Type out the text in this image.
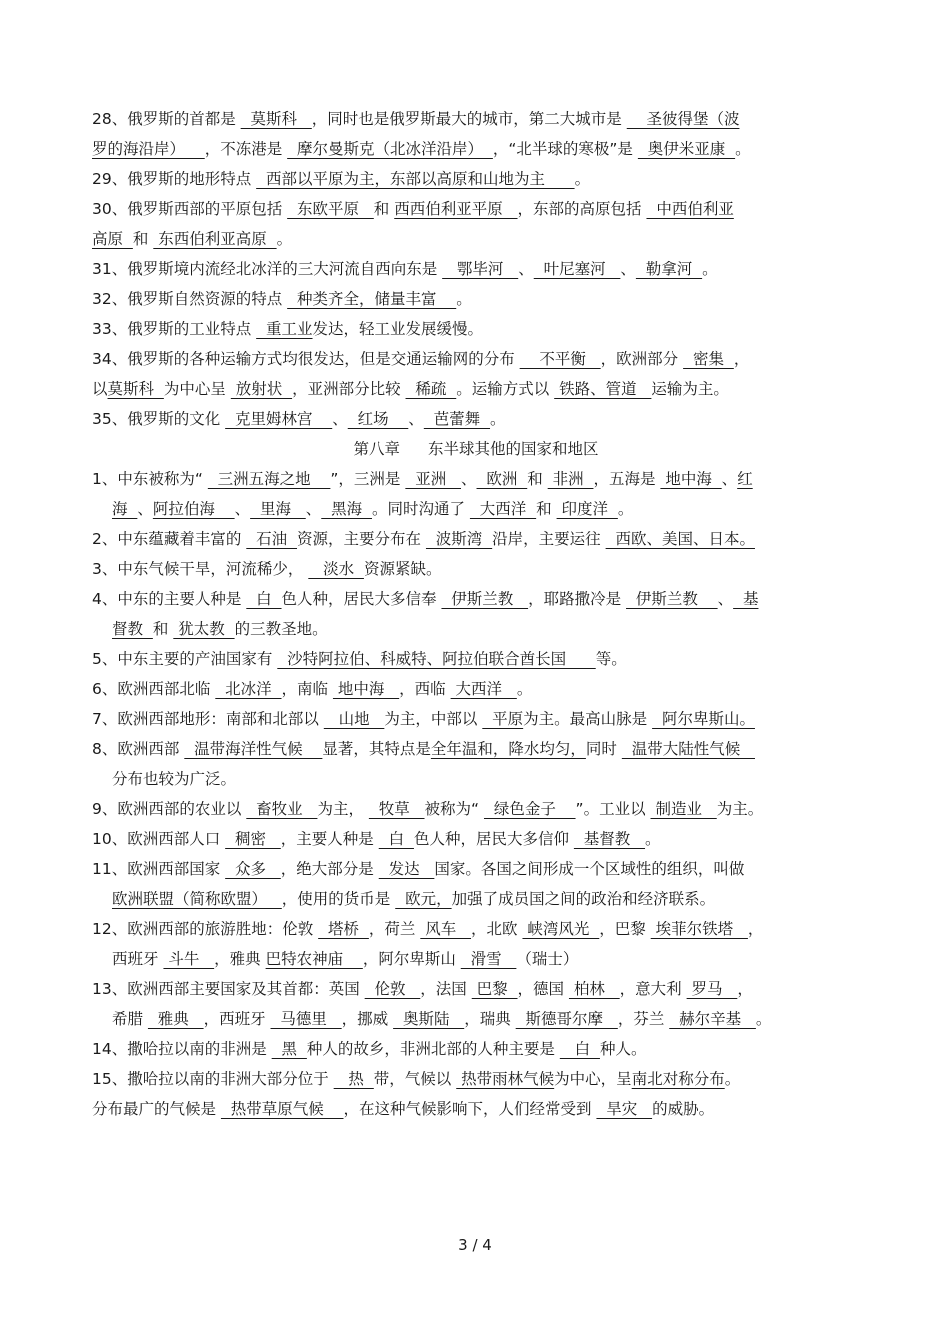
28、俄罗斯的首都是   莫斯科   ，同时也是俄罗斯最大的城市，第二大城市是     圣彼得堡（波
罗的海沿岸）    ，不冻港是   摩尔曼斯克（北冰洋沿岸）  ，“北半球的寒极”是   奥伊米亚康  。
29、俄罗斯的地形特点   西部以平原为主，东部以高原和山地为主      。
30、俄罗斯西部的平原包括   东欧平原   和 西西伯利亚平原   ，东部的高原包括   中西伯利亚
高原  和  东西伯利亚高原  。
31、俄罗斯境内流经北冰洋的三大河流自西向东是    鄂毕河   、  叶尼塞河   、  勒拿河  。
32、俄罗斯自然资源的特点   种类齐全，储量丰富    。
33、俄罗斯的工业特点   重工业发达，轻工业发展缓慢。
34、俄罗斯的各种运输方式均很发达，但是交通运输网的分布     不平衡   ，欧洲部分   密集  ，
以莫斯科  为中心呈  放射状  ，亚洲部分比较   稀疏  。运输方式以  铁路、管道   运输为主。
35、俄罗斯的文化   克里姆林宫    、  红场    、  芭蕾舞  。
第八章 东半球其他的国家和地区
1、中东被称为“   三洲五海之地    ”，三洲是   亚洲   、  欧洲  和  非洲  ，五海是  地中海  、红
海  、阿拉伯海    、  里海   、  黑海  。同时沟通了   大西洋  和  印度洋  。
2、中东蕴藏着丰富的   石油  资源，主要分布在   波斯湾  沿岸，主要运往   西欧、美国、日本。
3、中东气候干旱，河流稀少，    淡水  资源紧缺。
4、中东的主要人种是   白  色人种，居民大多信奉   伊斯兰教   ，耶路撒冷是   伊斯兰教    、  基
督教  和  犹太教  的三教圣地。
5、中东主要的产油国家有   沙特阿拉伯、科威特、阿拉伯联合酋长国      等。
6、欧洲西部北临   北冰洋  ，南临  地中海   ，西临  大西洋   。
7、欧洲西部地形：南部和北部以    山地   为主，中部以   平原为主。最高山脉是   阿尔卑斯山。
8、欧洲西部   温带海洋性气候    显著，其特点是全年温和，降水均匀，同时   温带大陆性气候
分布也较为广泛。
9、欧洲西部的农业以   畜牧业   为主，   牧草   被称为“   绿色金子    ”。工业以  制造业   为主。
10、欧洲西部人口   稠密   ，主要人种是   白  色人种，居民大多信仰   基督教   。
11、欧洲西部国家   众多   ，绝大部分是   发达   国家。各国之间形成一个区域性的组织，叫做
欧洲联盟（简称欧盟）   ，使用的货币是   欧元，加强了成员国之间的政治和经济联系。
12、欧洲西部的旅游胜地：伦敦   塔桥  ，荷兰  风车   ，北欧  峡湾风光  ，巴黎  埃菲尔铁塔   ，
西班牙  斗牛   ，雅典 巴特农神庙    ，阿尔卑斯山   滑雪   （瑞士）
13、欧洲西部主要国家及其首都：英国   伦敦   ，法国  巴黎  ，德国  柏林   ，意大利  罗马   ，
希腊   雅典   ，西班牙   马德里   ，挪威   奥斯陆   ，瑞典   斯德哥尔摩   ，芬兰   赫尔辛基   。
14、撒哈拉以南的非洲是   黑  种人的故乡，非洲北部的人种主要是    白  种人。
15、撒哈拉以南的非洲大部分位于    热  带，气候以  热带雨林气候为中心，呈南北对称分布。
分布最广的气候是   热带草原气候    ，在这种气候影响下，人们经常受到   旱灾   的威胁。
3 / 4
